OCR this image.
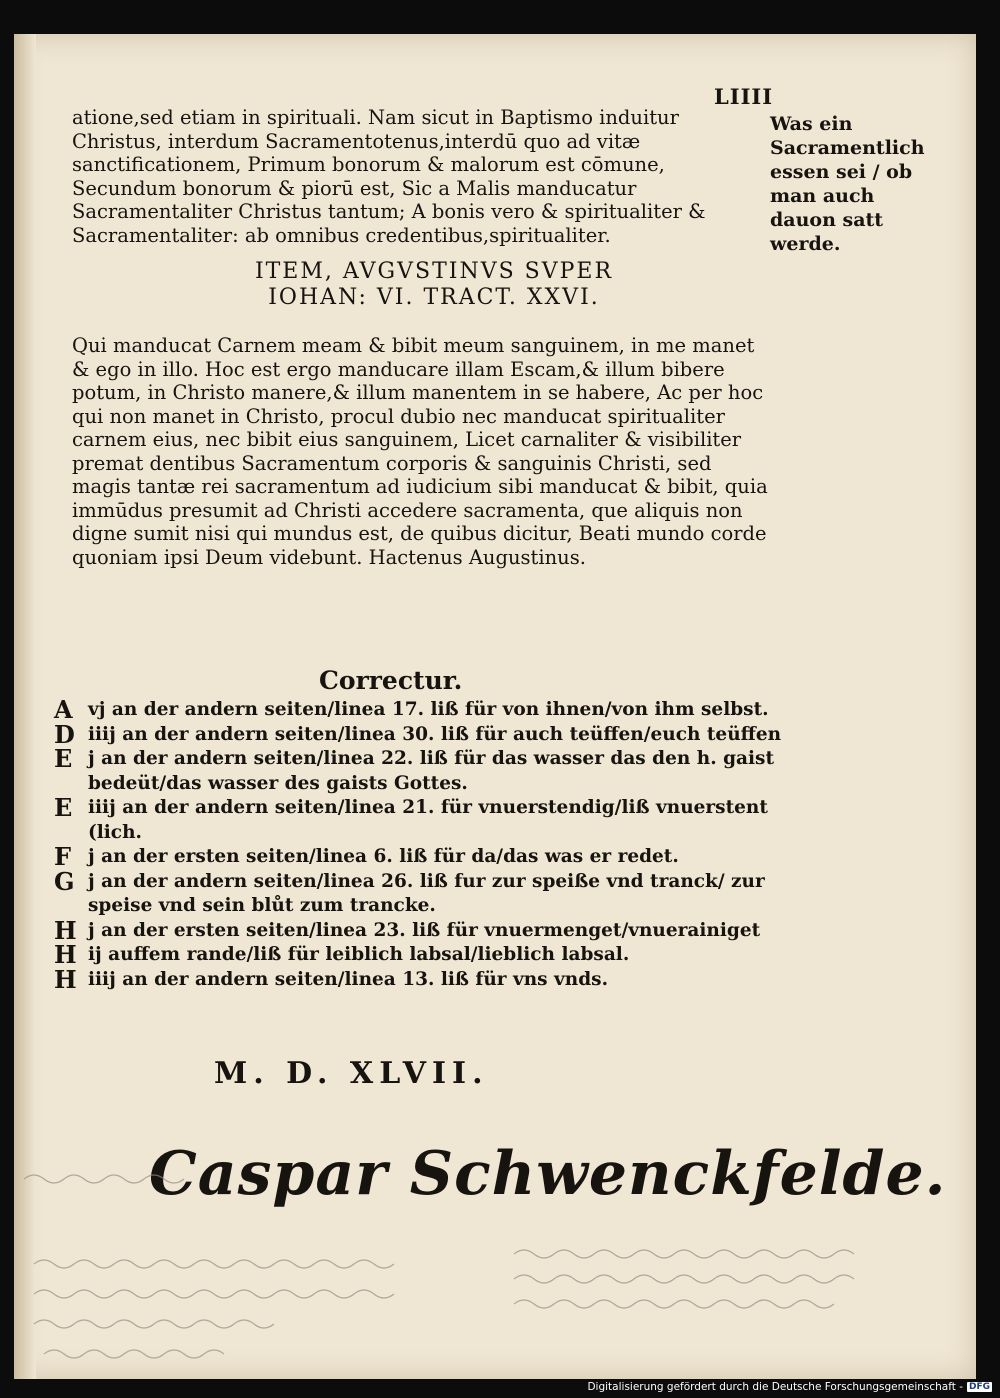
LIIII
atione,sed etiam in spirituali. Nam sicut in Baptismo induitur Christus, interdum Sacramentotenus,interdū quo ad vitæ sanctificationem, Primum bonorum & malorum est cōmune, Secundum bonorum & piorū est, Sic a Malis manducatur Sacramentaliter Christus tantum; A bonis vero & spiritualiter & Sacramentaliter: ab omnibus credentibus,spiritualiter.
Was ein Sacramentlich essen sei / ob man auch dauon satt werde.
ITEM, AVGVSTINVS SVPER
IOHAN: VI. TRACT. XXVI.
Qui manducat Carnem meam & bibit meum sanguinem, in me manet & ego in illo. Hoc est ergo manducare illam Escam,& illum bibere potum, in Christo manere,& illum manentem in se habere, Ac per hoc qui non manet in Christo, procul dubio nec manducat spiritualiter carnem eius, nec bibit eius sanguinem, Licet carnaliter & visibiliter premat dentibus Sacramentum corporis & sanguinis Christi, sed magis tantæ rei sacramentum ad iudicium sibi manducat & bibit, quia immūdus presumit ad Christi accedere sacramenta, que aliquis non digne sumit nisi qui mundus est, de quibus dicitur, Beati mundo corde quoniam ipsi Deum videbunt. Hactenus Augustinus.
Correctur.
A vj an der andern seiten/linea 17. liß für von ihnen/von ihm selbst.
D iiij an der andern seiten/linea 30. liß für auch teüffen/euch teüffen
E j an der andern seiten/linea 22. liß für das wasser das den h. gaist bedeüt/das wasser des gaists Gottes.
E iiij an der andern seiten/linea 21. für vnuerstendig/liß vnuerstent (lich.
F j an der ersten seiten/linea 6. liß für da/das was er redet.
G j an der andern seiten/linea 26. liß fur zur speiße vnd tranck/ zur speise vnd sein blůt zum trancke.
H j an der ersten seiten/linea 23. liß für vnuermenget/vnuerainiget
H ij auffem rande/liß für leiblich labsal/lieblich labsal.
H iiij an der andern seiten/linea 13. liß für vns vnds.
M. D. XLVII.
Caspar Schwenckfelde.
Digitalisierung gefördert durch die Deutsche Forschungsgemeinschaft - DFG
